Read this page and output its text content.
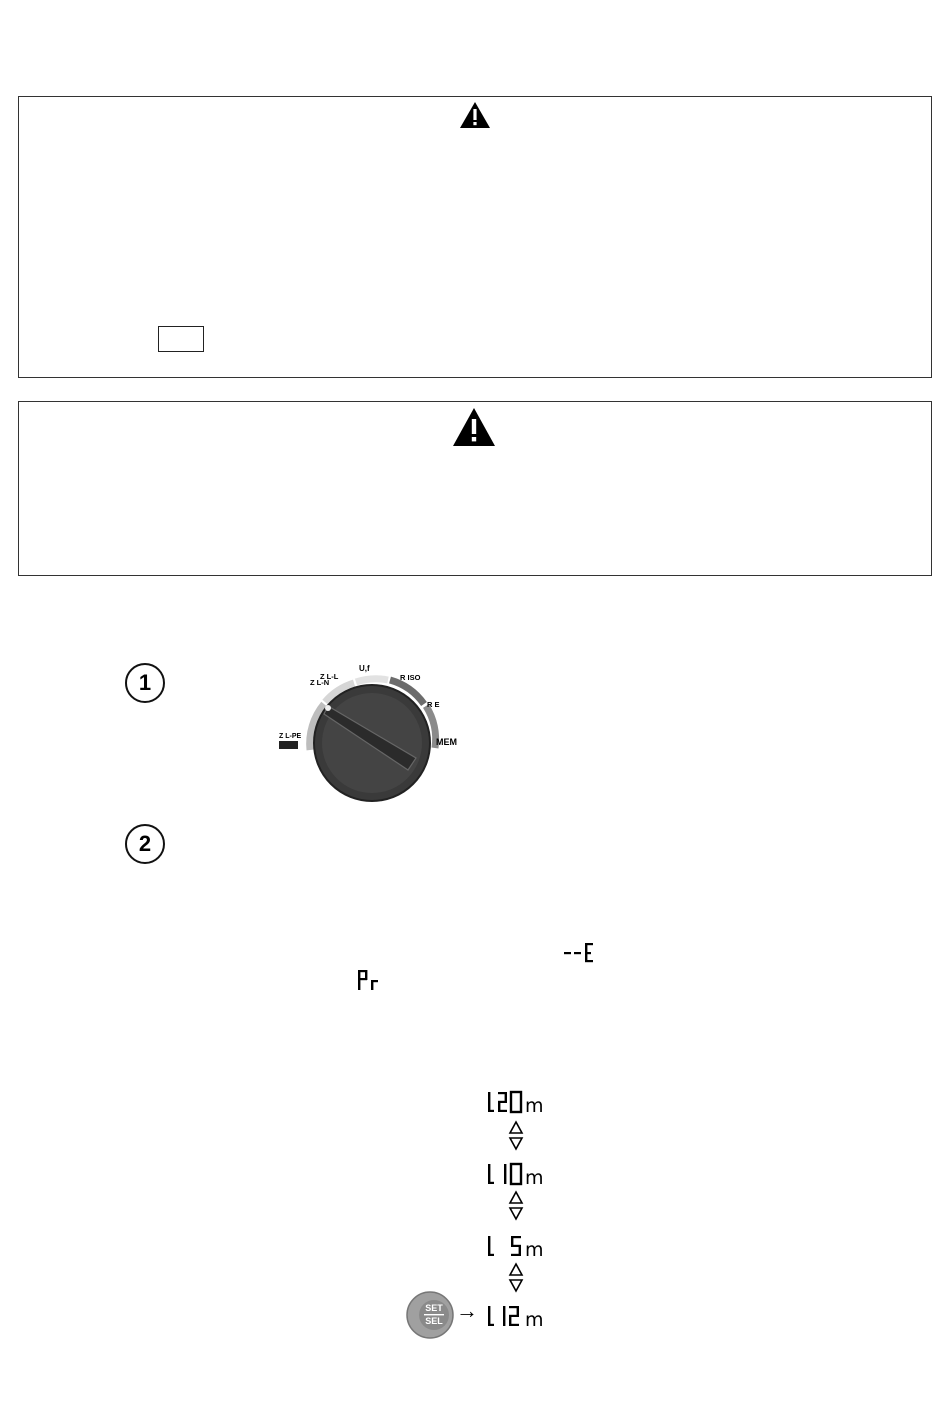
1	Z L-L
Z L-N
U,f
R ISO
R E
MEM
Z L-PE
2
m
m
m
SET
SEL → m
